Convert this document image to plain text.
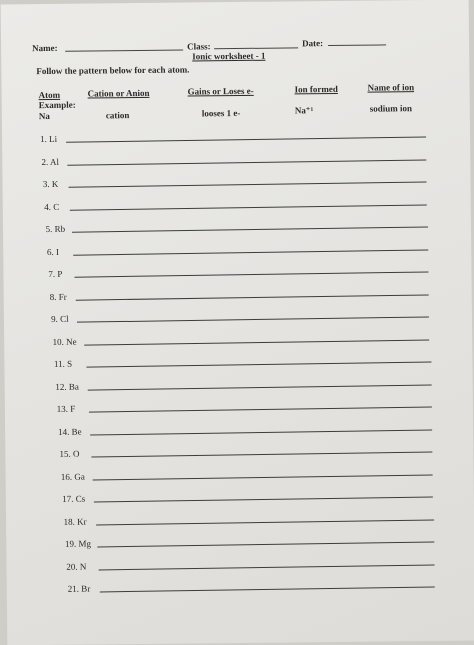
Name:	Class:	Date:
Ionic worksheet - 1
Follow the pattern below for each atom.
Atom	Cation or Anion	Gains or Loses e-	Ion formed	Name of ion
Example:
Na	cation	looses 1 e-	Na⁺¹	sodium ion
1. Li
2. Al
3. K
4. C
5. Rb
6. I
7. P
8. Fr
9. Cl
10. Ne
11. S
12. Ba
13. F
14. Be
15. O
16. Ga
17. Cs
18. Kr
19. Mg
20. N
21. Br
